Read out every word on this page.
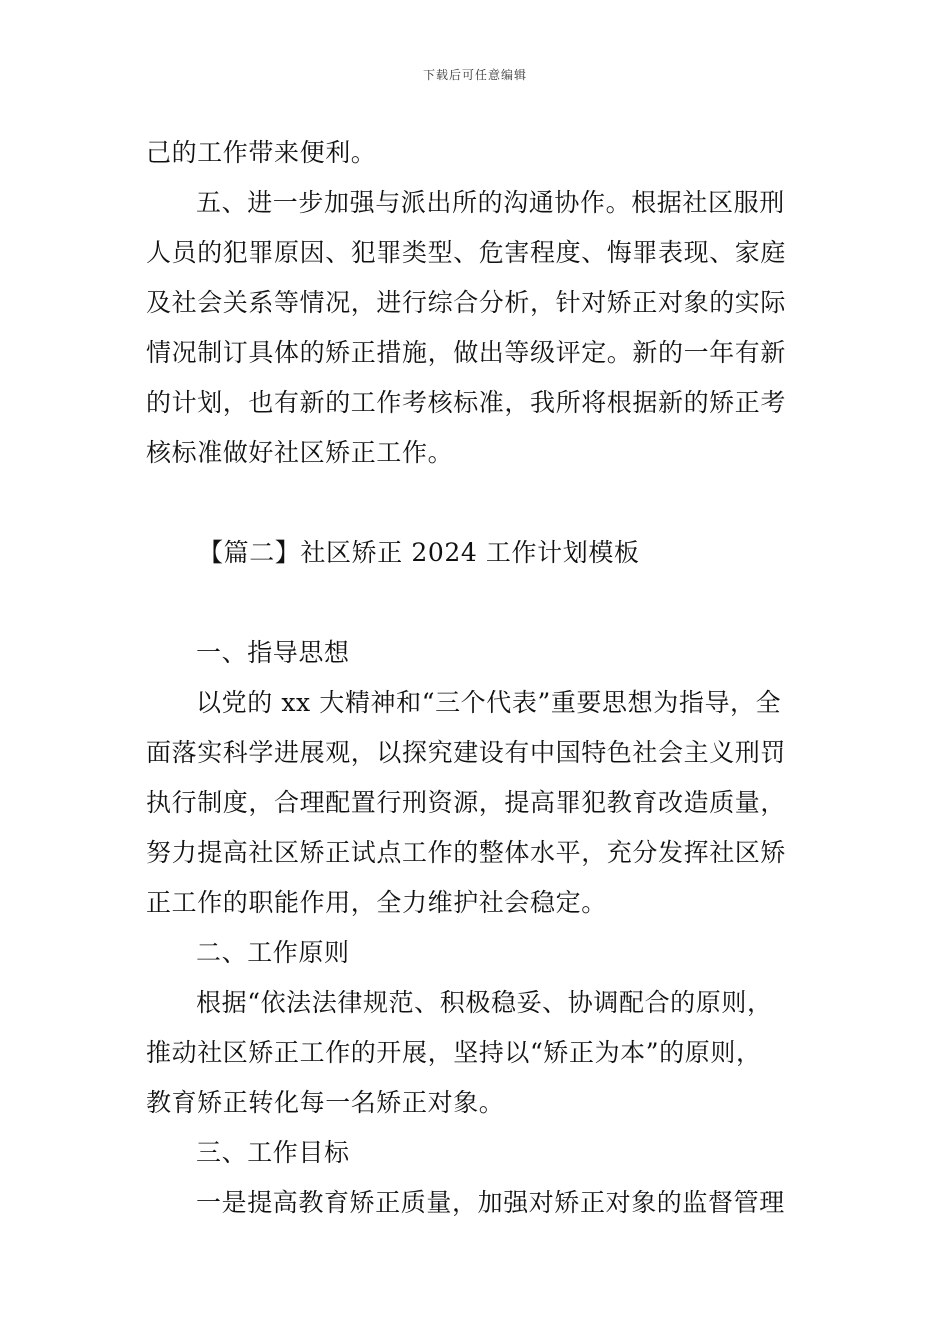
下载后可任意编辑
己的工作带来便利。
五、进一步加强与派出所的沟通协作。根据社区服刑
人员的犯罪原因、犯罪类型、危害程度、悔罪表现、家庭
及社会关系等情况，进行综合分析，针对矫正对象的实际
情况制订具体的矫正措施，做出等级评定。新的一年有新
的计划，也有新的工作考核标准，我所将根据新的矫正考
核标准做好社区矫正工作。
【篇二】社区矫正 2024 工作计划模板
一、指导思想
以党的 xx 大精神和“三个代表”重要思想为指导，全
面落实科学进展观，以探究建设有中国特色社会主义刑罚
执行制度，合理配置行刑资源，提高罪犯教育改造质量，
努力提高社区矫正试点工作的整体水平，充分发挥社区矫
正工作的职能作用，全力维护社会稳定。
二、工作原则
根据“依法法律规范、积极稳妥、协调配合的原则，
推动社区矫正工作的开展，坚持以“矫正为本”的原则，
教育矫正转化每一名矫正对象。
三、工作目标
一是提高教育矫正质量，加强对矫正对象的监督管理
